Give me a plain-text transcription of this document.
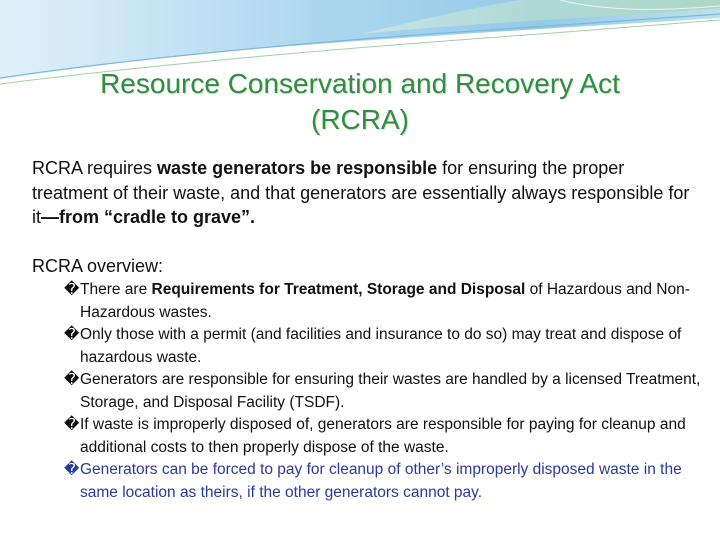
Resource Conservation and Recovery Act
(RCRA)
RCRA requires waste generators be responsible for ensuring the proper treatment of their waste, and that generators are essentially always responsible for it—from “cradle to grave”.
RCRA overview:
� There are Requirements for Treatment, Storage and Disposal of Hazardous and Non-Hazardous wastes.
� Only those with a permit (and facilities and insurance to do so) may treat and dispose of hazardous waste.
� Generators are responsible for ensuring their wastes are handled by a licensed Treatment, Storage, and Disposal Facility (TSDF).
� If waste is improperly disposed of, generators are responsible for paying for cleanup and additional costs to then properly dispose of the waste.
� Generators can be forced to pay for cleanup of other’s improperly disposed waste in the same location as theirs, if the other generators cannot pay.
